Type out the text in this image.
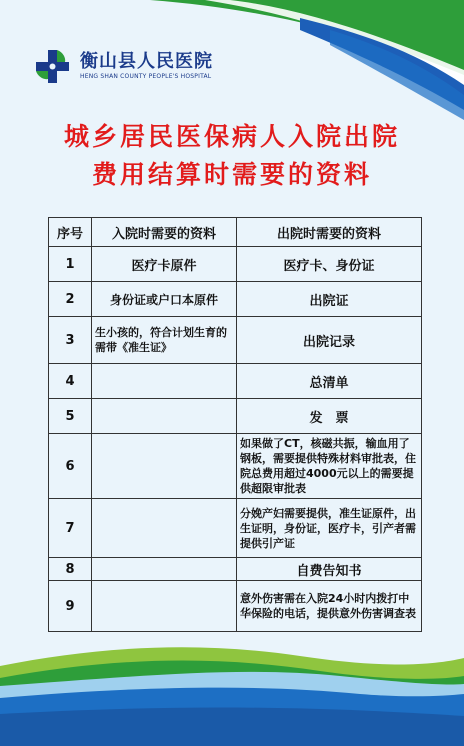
衡山县人民医院
HENG SHAN COUNTY PEOPLE'S HOSPITAL
城乡居民医保病人入院出院
费用结算时需要的资料
序号	入院时需要的资料	出院时需要的资料
1	医疗卡原件	医疗卡、身份证
2	身份证或户口本原件	出院证
3	生小孩的，符合计划生育的需带《准生证》	出院记录
4		总清单
5		发　票
6		如果做了CT，核磁共振，输血用了钢板，需要提供特殊材料审批表，住院总费用超过4000元以上的需要提供超限审批表
7		分娩产妇需要提供，准生证原件，出生证明，身份证，医疗卡，引产者需提供引产证
8		自费告知书
9		意外伤害需在入院24小时内拨打中华保险的电话，提供意外伤害调查表
